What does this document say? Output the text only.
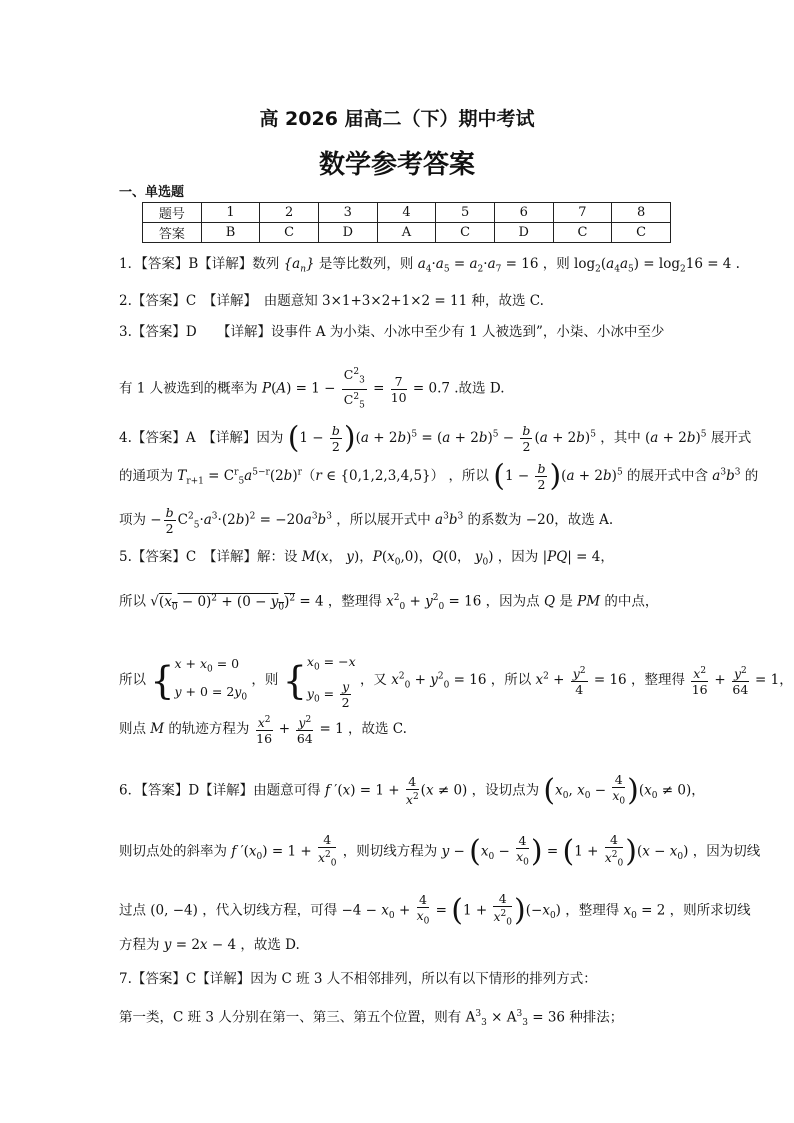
高 2026 届高二（下）期中考试
数学参考答案
一、单选题
题号	1	2	3	4	5	6	7	8
答案	B	C	D	A	C	D	C	C
1．【答案】B【详解】数列 $\{a_n\}$ 是等比数列，则 $a_4\cdot a_5 = a_2\cdot a_7 = 16$ ，则 $\log_2(a_4a_5) = \log_216 = 4$ .
2.【答案】C　【详解】　由题意知 3×1+3×2+1×2 = 11 种，故选 C.
3.【答案】D　　【详解】设事件 A 为小柒、小冰中至少有 1 人被选到”，小柒、小冰中至少
有 1 人被选到的概率为 $P(A) = 1 - \frac{C^2_3}{C^2_5} = \frac{7}{10} = 0.7$ .故选 D.
4.【答案】A　【详解】因为 $(1 - \frac{b}{2} )(a + 2b)^5 = (a + 2b)^5 - \frac{b}{2} (a + 2b)^5$ ，其中 $(a + 2b)^5$ 展开式
的通项为 $T_{r+1} = C^r_5a^{5-r}(2b)^r(r$ ∈ {0,1,2,3,4,5}） ，所以 $(1 - \frac{b}{2} )(a + 2b)^5$ 的展开式中含 $a^3b^3$ 的
项为 − $\frac{b}{2} C^2_5\cdot a^3\cdot(2b)^2 = -20a^3b^3$ ，所以展开式中 $a^3b^3$ 的系数为 −20，故选 A.
5.【答案】C　【详解】解：设 M(x， y)，$P(x_0,0)$，Q(0， $y_0$) ，因为 |PQ| = 4，
所以 $√(x_0 - 0)^2 + (0 - y_0)^2 = 4$ ，整理得 $x^2_0 + y^2_0 = 16$ ，因为点 Q 是 PM 的中点，
所以 {$x + x_0 = 0$
$y + 0 = 2y_0$ ，则 {$x_0 = -x$
$y_0 = \frac{y}{2}$ ，又 $x^2_0 + y^2_0 = 16$ ，所以 $x^2 + \frac{y^2}{4} = 16$ ，整理得 $\frac{x^2}{16} + \frac{y^2}{64} = 1$，
则点 M 的轨迹方程为 $\frac{x^2}{16} + \frac{y^2}{64} = 1$ ，故选 C.
6．【答案】D【详解】由题意可得 f $'(x) = 1 + \frac{4}{x^2} (x \ne 0)$ ，设切点为 ($x_0$, $x_0 - \frac{4}{x_0} )(x_0 \ne 0)$，
则切点处的斜率为 f $'(x_0) = 1 + \frac{4}{x^2_0}$ ，则切线方程为 $y - (x_0 - \frac{4}{x_0}$ ) = $(1 + \frac{4}{x^2_0} )(x - x_0)$ ，因为切线
过点 (0, −4) ，代入切线方程，可得 $-4 - x_0 + \frac{4}{x_0} = (1 + \frac{4}{x^2_0} )(-x_0)$ ，整理得 $x_0 = 2$ ，则所求切线
方程为 y = 2x − 4 ，故选 D.
7.【答案】C【详解】因为 C 班 3 人不相邻排列，所以有以下情形的排列方式：
第一类，C 班 3 人分别在第一、第三、第五个位置，则有 $A^3_3 \times A^3_3 = 36$ 种排法；
